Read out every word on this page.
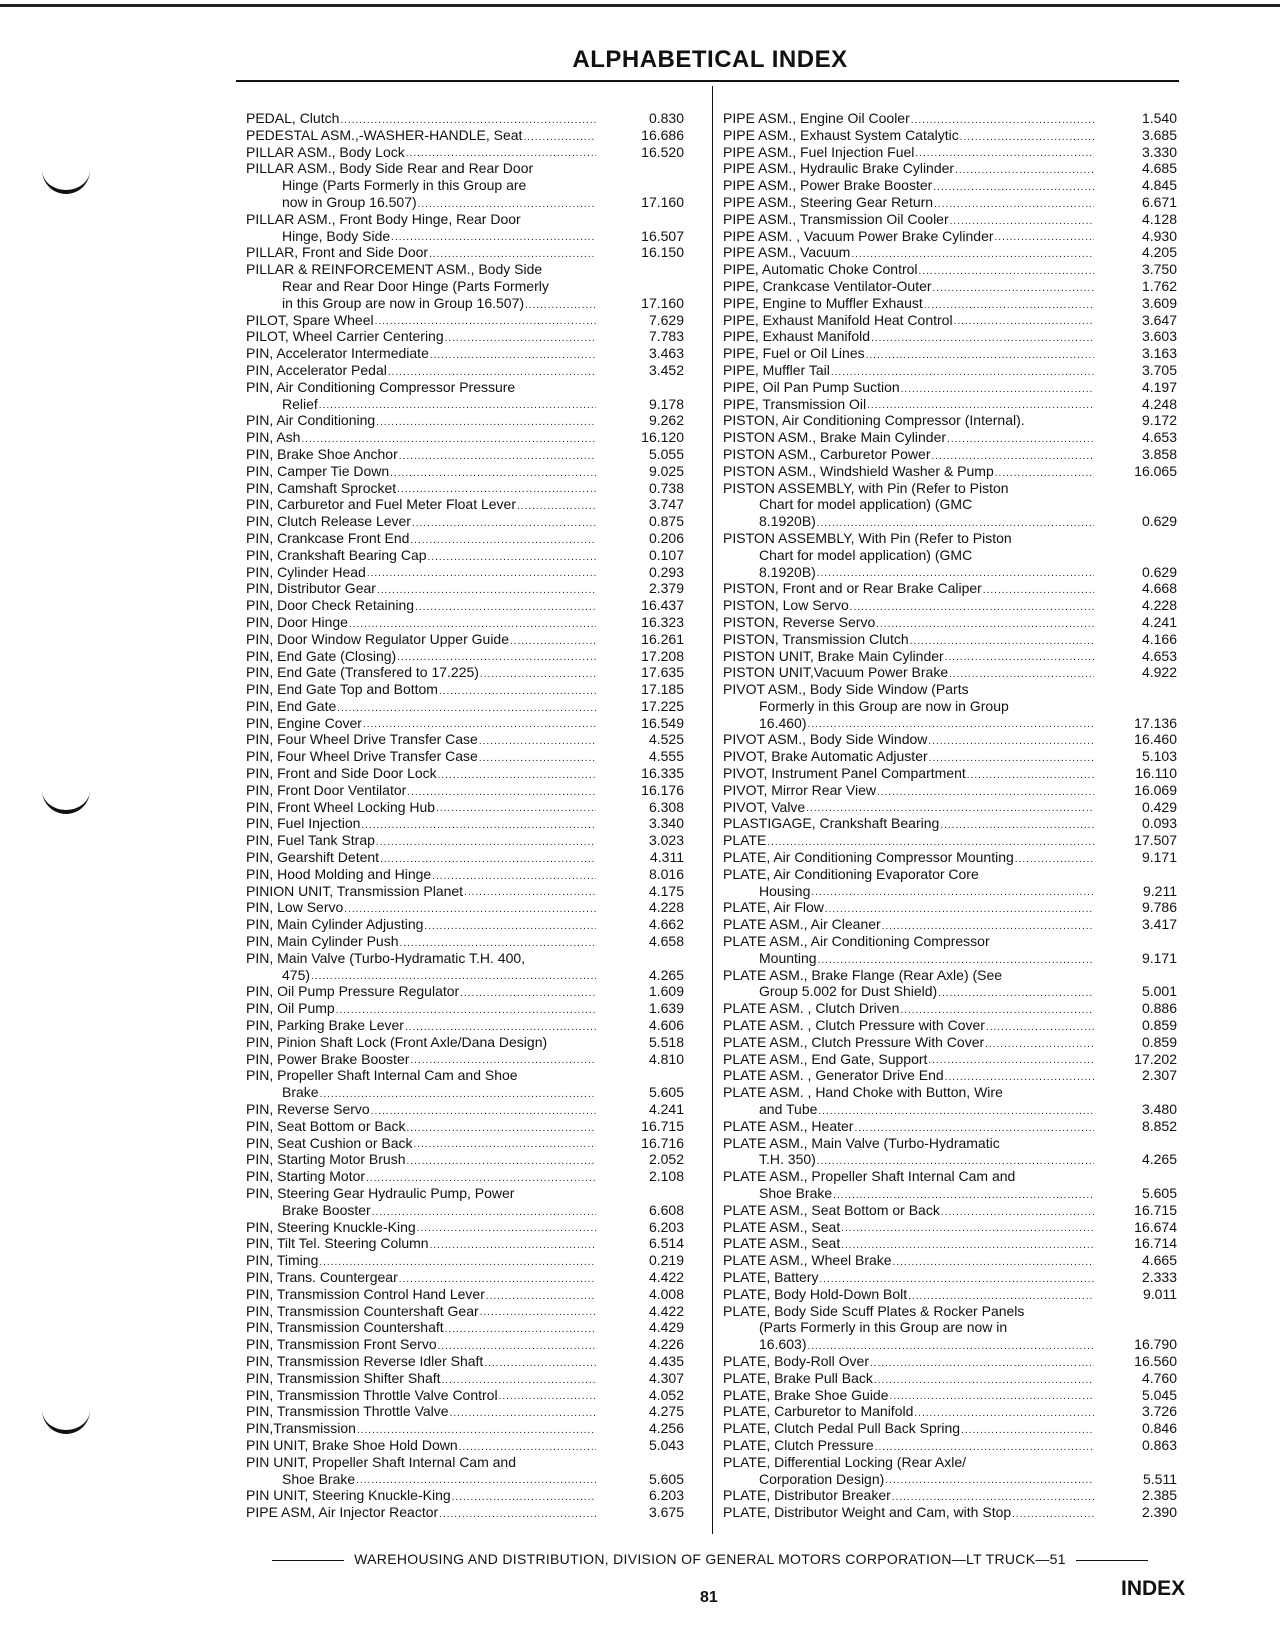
ALPHABETICAL INDEX
PEDAL, Clutch .....	0.830
PEDESTAL ASM.,-WASHER-HANDLE, Seat .....	16.686
PILLAR ASM., Body Lock .....	16.520
PILLAR ASM., Body Side Rear and Rear Door
Hinge (Parts Formerly in this Group are
now in Group 16.507) .....	17.160
PILLAR ASM., Front Body Hinge, Rear Door
Hinge, Body Side .....	16.507
PILLAR, Front and Side Door .....	16.150
PILLAR & REINFORCEMENT ASM., Body Side
Rear and Rear Door Hinge (Parts Formerly
in this Group are now in Group 16.507) .....	17.160
PILOT, Spare Wheel .....	7.629
PILOT, Wheel Carrier Centering .....	7.783
PIN, Accelerator Intermediate .....	3.463
PIN, Accelerator Pedal .....	3.452
PIN, Air Conditioning Compressor Pressure
Relief .....	9.178
PIN, Air Conditioning .....	9.262
PIN, Ash .....	16.120
PIN, Brake Shoe Anchor .....	5.055
PIN, Camper Tie Down .....	9.025
PIN, Camshaft Sprocket .....	0.738
PIN, Carburetor and Fuel Meter Float Lever .....	3.747
PIN, Clutch Release Lever .....	0.875
PIN, Crankcase Front End .....	0.206
PIN, Crankshaft Bearing Cap .....	0.107
PIN, Cylinder Head .....	0.293
PIN, Distributor Gear .....	2.379
PIN, Door Check Retaining .....	16.437
PIN, Door Hinge .....	16.323
PIN, Door Window Regulator Upper Guide .....	16.261
PIN, End Gate (Closing) .....	17.208
PIN, End Gate (Transfered to 17.225) .....	17.635
PIN, End Gate Top and Bottom .....	17.185
PIN, End Gate .....	17.225
PIN, Engine Cover .....	16.549
PIN, Four Wheel Drive Transfer Case .....	4.525
PIN, Four Wheel Drive Transfer Case .....	4.555
PIN, Front and Side Door Lock .....	16.335
PIN, Front Door Ventilator .....	16.176
PIN, Front Wheel Locking Hub .....	6.308
PIN, Fuel Injection .....	3.340
PIN, Fuel Tank Strap .....	3.023
PIN, Gearshift Detent .....	4.311
PIN, Hood Molding and Hinge .....	8.016
PINION UNIT, Transmission Planet .....	4.175
PIN, Low Servo .....	4.228
PIN, Main Cylinder Adjusting .....	4.662
PIN, Main Cylinder Push .....	4.658
PIN, Main Valve (Turbo-Hydramatic T.H. 400,
475) .....	4.265
PIN, Oil Pump Pressure Regulator .....	1.609
PIN, Oil Pump .....	1.639
PIN, Parking Brake Lever .....	4.606
PIN, Pinion Shaft Lock (Front Axle/Dana Design)	5.518
PIN, Power Brake Booster .....	4.810
PIN, Propeller Shaft Internal Cam and Shoe
Brake .....	5.605
PIN, Reverse Servo .....	4.241
PIN, Seat Bottom or Back .....	16.715
PIN, Seat Cushion or Back .....	16.716
PIN, Starting Motor Brush .....	2.052
PIN, Starting Motor .....	2.108
PIN, Steering Gear Hydraulic Pump, Power
Brake Booster .....	6.608
PIN, Steering Knuckle-King .....	6.203
PIN, Tilt Tel. Steering Column .....	6.514
PIN, Timing .....	0.219
PIN, Trans. Countergear .....	4.422
PIN, Transmission Control Hand Lever .....	4.008
PIN, Transmission Countershaft Gear .....	4.422
PIN, Transmission Countershaft .....	4.429
PIN, Transmission Front Servo .....	4.226
PIN, Transmission Reverse Idler Shaft .....	4.435
PIN, Transmission Shifter Shaft .....	4.307
PIN, Transmission Throttle Valve Control .....	4.052
PIN, Transmission Throttle Valve .....	4.275
PIN,Transmission .....	4.256
PIN UNIT, Brake Shoe Hold Down .....	5.043
PIN UNIT, Propeller Shaft Internal Cam and
Shoe Brake .....	5.605
PIN UNIT, Steering Knuckle-King .....	6.203
PIPE ASM, Air Injector Reactor .....	3.675
PIPE ASM., Engine Oil Cooler .....	1.540
PIPE ASM., Exhaust System Catalytic .....	3.685
PIPE ASM., Fuel Injection Fuel .....	3.330
PIPE ASM., Hydraulic Brake Cylinder .....	4.685
PIPE ASM., Power Brake Booster .....	4.845
PIPE ASM., Steering Gear Return .....	6.671
PIPE ASM., Transmission Oil Cooler .....	4.128
PIPE ASM. , Vacuum Power Brake Cylinder .....	4.930
PIPE ASM., Vacuum .....	4.205
PIPE, Automatic Choke Control .....	3.750
PIPE, Crankcase Ventilator-Outer .....	1.762
PIPE, Engine to Muffler Exhaust .....	3.609
PIPE, Exhaust Manifold Heat Control .....	3.647
PIPE, Exhaust Manifold .....	3.603
PIPE, Fuel or Oil Lines .....	3.163
PIPE, Muffler Tail .....	3.705
PIPE, Oil Pan Pump Suction .....	4.197
PIPE, Transmission Oil .....	4.248
PISTON, Air Conditioning Compressor (Internal).	9.172
PISTON ASM., Brake Main Cylinder .....	4.653
PISTON ASM., Carburetor Power .....	3.858
PISTON ASM., Windshield Washer & Pump .....	16.065
PISTON ASSEMBLY, with Pin (Refer to Piston
Chart for model application) (GMC
8.1920B) .....	0.629
PISTON ASSEMBLY, With Pin (Refer to Piston
Chart for model application) (GMC
8.1920B) .....	0.629
PISTON, Front and or Rear Brake Caliper .....	4.668
PISTON, Low Servo .....	4.228
PISTON, Reverse Servo .....	4.241
PISTON, Transmission Clutch .....	4.166
PISTON UNIT, Brake Main Cylinder .....	4.653
PISTON UNIT,Vacuum Power Brake .....	4.922
PIVOT ASM., Body Side Window (Parts
Formerly in this Group are now in Group
16.460) .....	17.136
PIVOT ASM., Body Side Window .....	16.460
PIVOT, Brake Automatic Adjuster .....	5.103
PIVOT, Instrument Panel Compartment .....	16.110
PIVOT, Mirror Rear View .....	16.069
PIVOT, Valve .....	0.429
PLASTIGAGE, Crankshaft Bearing .....	0.093
PLATE .....	17.507
PLATE, Air Conditioning Compressor Mounting .....	9.171
PLATE, Air Conditioning Evaporator Core
Housing .....	9.211
PLATE, Air Flow .....	9.786
PLATE ASM., Air Cleaner .....	3.417
PLATE ASM., Air Conditioning Compressor
Mounting .....	9.171
PLATE ASM., Brake Flange (Rear Axle) (See
Group 5.002 for Dust Shield) .....	5.001
PLATE ASM. , Clutch Driven .....	0.886
PLATE ASM. , Clutch Pressure with Cover .....	0.859
PLATE ASM., Clutch Pressure With Cover .....	0.859
PLATE ASM., End Gate, Support .....	17.202
PLATE ASM. , Generator Drive End .....	2.307
PLATE ASM. , Hand Choke with Button, Wire
and Tube .....	3.480
PLATE ASM., Heater .....	8.852
PLATE ASM., Main Valve (Turbo-Hydramatic
T.H. 350) .....	4.265
PLATE ASM., Propeller Shaft Internal Cam and
Shoe Brake .....	5.605
PLATE ASM., Seat Bottom or Back .....	16.715
PLATE ASM., Seat .....	16.674
PLATE ASM., Seat .....	16.714
PLATE ASM., Wheel Brake .....	4.665
PLATE, Battery .....	2.333
PLATE, Body Hold-Down Bolt .....	9.011
PLATE, Body Side Scuff Plates & Rocker Panels
(Parts Formerly in this Group are now in
16.603) .....	16.790
PLATE, Body-Roll Over .....	16.560
PLATE, Brake Pull Back .....	4.760
PLATE, Brake Shoe Guide .....	5.045
PLATE, Carburetor to Manifold .....	3.726
PLATE, Clutch Pedal Pull Back Spring .....	0.846
PLATE, Clutch Pressure .....	0.863
PLATE, Differential Locking (Rear Axle/
Corporation Design) .....	5.511
PLATE, Distributor Breaker .....	2.385
PLATE, Distributor Weight and Cam, with Stop .....	2.390
WAREHOUSING AND DISTRIBUTION, DIVISION OF GENERAL MOTORS CORPORATION—LT TRUCK—51
81	INDEX
